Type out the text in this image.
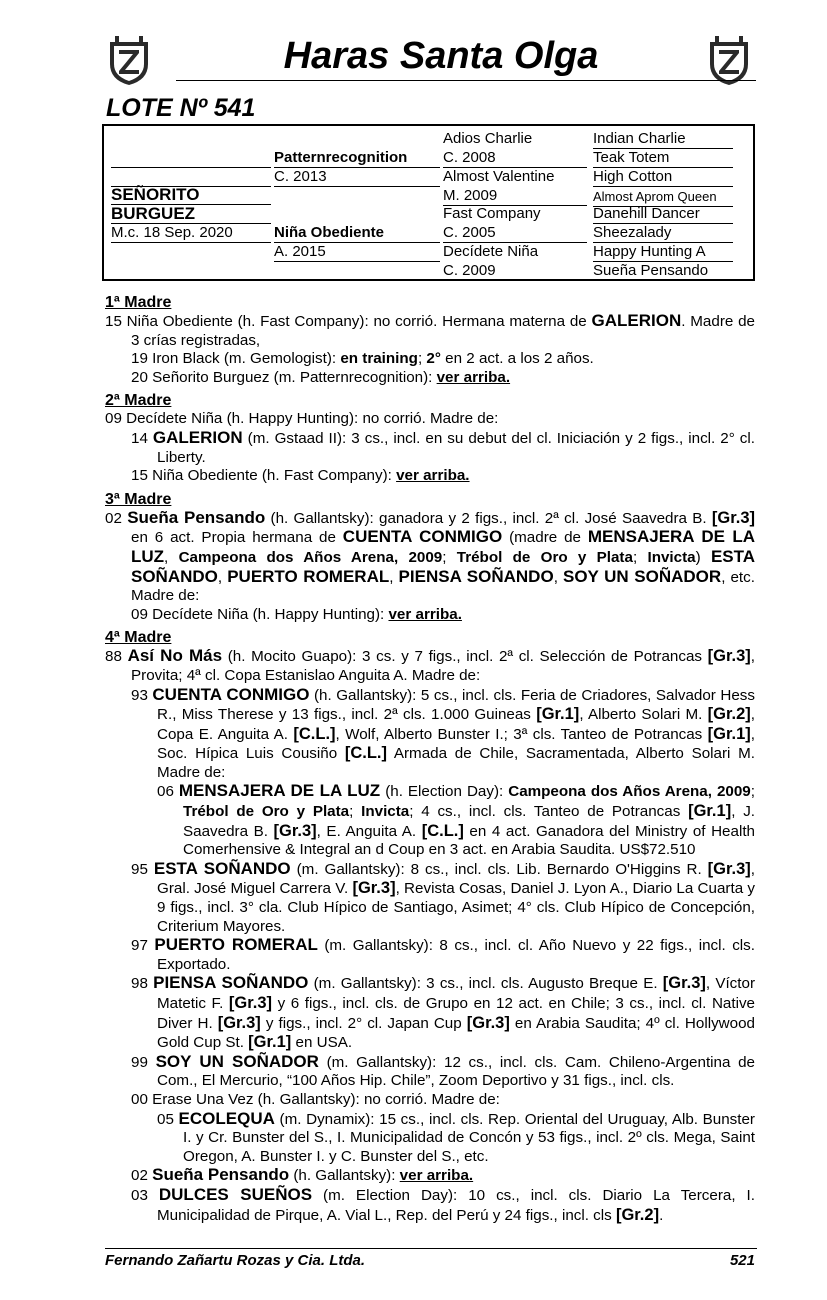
Haras Santa Olga
LOTE Nº 541
Adios Charlie
C. 2008
Almost Valentine
M. 2009
Fast Company
C. 2005
Decídete Niña
C. 2009
Indian Charlie
Teak Totem
High Cotton
Almost Aprom Queen
Danehill Dancer
Sheezalady
Happy Hunting A
Sueña Pensando
Patternrecognition
C. 2013
Niña Obediente
A. 2015
SEÑORITO
BURGUEZ
M.c. 18 Sep. 2020
1ª Madre
15 Niña Obediente (h. Fast Company): no corrió. Hermana materna de GALERION. Madre de 3 crías registradas,
19 Iron Black (m. Gemologist): en training; 2° en 2 act. a los 2 años.
20 Señorito Burguez (m. Patternrecognition): ver arriba.
2ª Madre
09 Decídete Niña (h. Happy Hunting): no corrió. Madre de:
14 GALERION (m. Gstaad II): 3 cs., incl. en su debut del cl. Iniciación y 2 figs., incl. 2° cl. Liberty.
15 Niña Obediente (h. Fast Company): ver arriba.
3ª Madre
02 Sueña Pensando (h. Gallantsky): ganadora y 2 figs., incl. 2ª cl. José Saavedra B. [Gr.3] en 6 act. Propia hermana de CUENTA CONMIGO (madre de MENSAJERA DE LA LUZ, Campeona dos Años Arena, 2009; Trébol de Oro y Plata; Invicta) ESTA SOÑANDO, PUERTO ROMERAL, PIENSA SOÑANDO, SOY UN SOÑADOR, etc. Madre de:
09 Decídete Niña (h. Happy Hunting): ver arriba.
4ª Madre
88 Así No Más (h. Mocito Guapo): 3 cs. y 7 figs., incl. 2ª cl. Selección de Potrancas [Gr.3], Provita; 4ª cl. Copa Estanislao Anguita A. Madre de:
93 CUENTA CONMIGO (h. Gallantsky): 5 cs., incl. cls. Feria de Criadores, Salvador Hess R., Miss Therese y 13 figs., incl. 2ª cls. 1.000 Guineas [Gr.1], Alberto Solari M. [Gr.2], Copa E. Anguita A. [C.L.], Wolf, Alberto Bunster I.; 3ª cls. Tanteo de Potrancas [Gr.1], Soc. Hípica Luis Cousiño [C.L.] Armada de Chile, Sacramentada, Alberto Solari M. Madre de:
06 MENSAJERA DE LA LUZ (h. Election Day): Campeona dos Años Arena, 2009; Trébol de Oro y Plata; Invicta; 4 cs., incl. cls. Tanteo de Potrancas [Gr.1], J. Saavedra B. [Gr.3], E. Anguita A. [C.L.] en 4 act. Ganadora del Ministry of Health Comerhensive & Integral an d Coup en 3 act. en Arabia Saudita. US$72.510
95 ESTA SOÑANDO (m. Gallantsky): 8 cs., incl. cls. Lib. Bernardo O'Higgins R. [Gr.3], Gral. José Miguel Carrera V. [Gr.3], Revista Cosas, Daniel J. Lyon A., Diario La Cuarta y 9 figs., incl. 3° cla. Club Hípico de Santiago, Asimet; 4° cls. Club Hípico de Concepción, Criterium Mayores.
97 PUERTO ROMERAL (m. Gallantsky): 8 cs., incl. cl. Año Nuevo y 22 figs., incl. cls. Exportado.
98 PIENSA SOÑANDO (m. Gallantsky): 3 cs., incl. cls. Augusto Breque E. [Gr.3], Víctor Matetic F. [Gr.3] y 6 figs., incl. cls. de Grupo en 12 act. en Chile; 3 cs., incl. cl. Native Diver H. [Gr.3] y figs., incl. 2° cl. Japan Cup [Gr.3] en Arabia Saudita; 4º cl. Hollywood Gold Cup St. [Gr.1] en USA.
99 SOY UN SOÑADOR (m. Gallantsky): 12 cs., incl. cls. Cam. Chileno-Argentina de Com., El Mercurio, “100 Años Hip. Chile”, Zoom Deportivo y 31 figs., incl. cls.
00 Erase Una Vez (h. Gallantsky): no corrió. Madre de:
05 ECOLEQUA (m. Dynamix): 15 cs., incl. cls. Rep. Oriental del Uruguay, Alb. Bunster I. y Cr. Bunster del S., I. Municipalidad de Concón y 53 figs., incl. 2º cls. Mega, Saint Oregon, A. Bunster I. y C. Bunster del S., etc.
02 Sueña Pensando (h. Gallantsky): ver arriba.
03 DULCES SUEÑOS (m. Election Day): 10 cs., incl. cls. Diario La Tercera, I. Municipalidad de Pirque, A. Vial L., Rep. del Perú y 24 figs., incl. cls [Gr.2].
Fernando Zañartu Rozas y Cia. Ltda.	521
